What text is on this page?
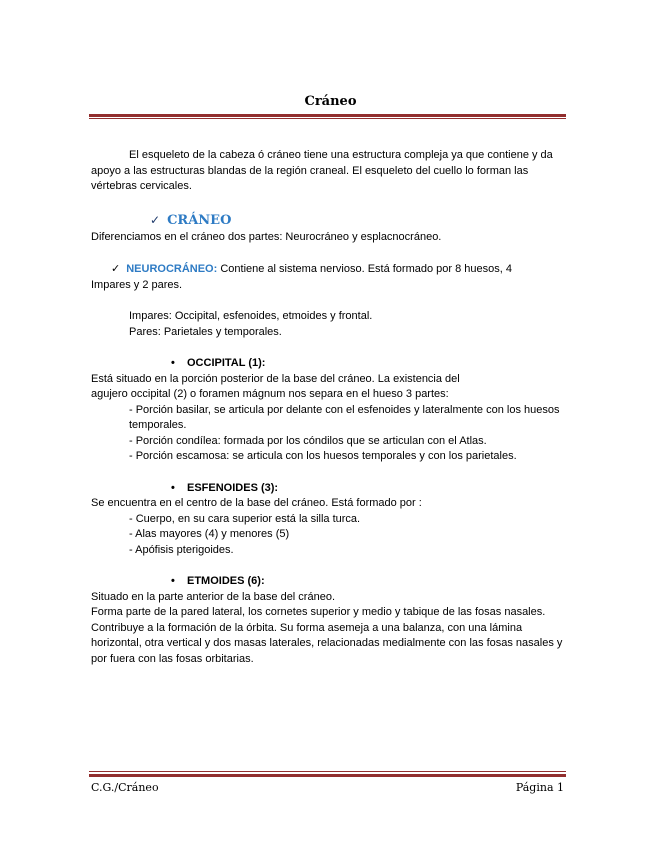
Cráneo

El esqueleto de la cabeza ó cráneo tiene una estructura compleja ya que contiene y da apoyo a las estructuras blandas de la región craneal. El esqueleto del cuello lo forman las vértebras cervicales.

✓ CRÁNEO

Diferenciamos en el cráneo dos partes: Neurocráneo y esplacnocráneo.

✓ NEUROCRÁNEO: Contiene al sistema nervioso. Está formado por 8 huesos, 4
Impares y 2 pares.

Impares: Occipital, esfenoides, etmoides y frontal.

Pares: Parietales y temporales.

• OCCIPITAL (1):

Está situado en la porción posterior de la base del cráneo. La existencia del

agujero occipital (2) o foramen mágnum nos separa en el hueso 3 partes:

- Porción basilar, se articula por delante con el esfenoides y lateralmente con los huesos temporales.

- Porción condílea: formada por los cóndilos que se articulan con el Atlas.

- Porción escamosa: se articula con los huesos temporales y con los parietales.

• ESFENOIDES (3):

Se encuentra en el centro de la base del cráneo. Está formado por :

- Cuerpo, en su cara superior está la silla turca.

- Alas mayores (4) y menores (5)

- Apófisis pterigoides.

• ETMOIDES (6):

Situado en la parte anterior de la base del cráneo.

Forma parte de la pared lateral, los cornetes superior y medio y tabique de las fosas nasales. Contribuye a la formación de la órbita. Su forma asemeja a una balanza, con una lámina horizontal, otra vertical y dos masas laterales, relacionadas medialmente con las fosas nasales y por fuera con las fosas orbitarias.

C.G./Cráneo	Página 1
